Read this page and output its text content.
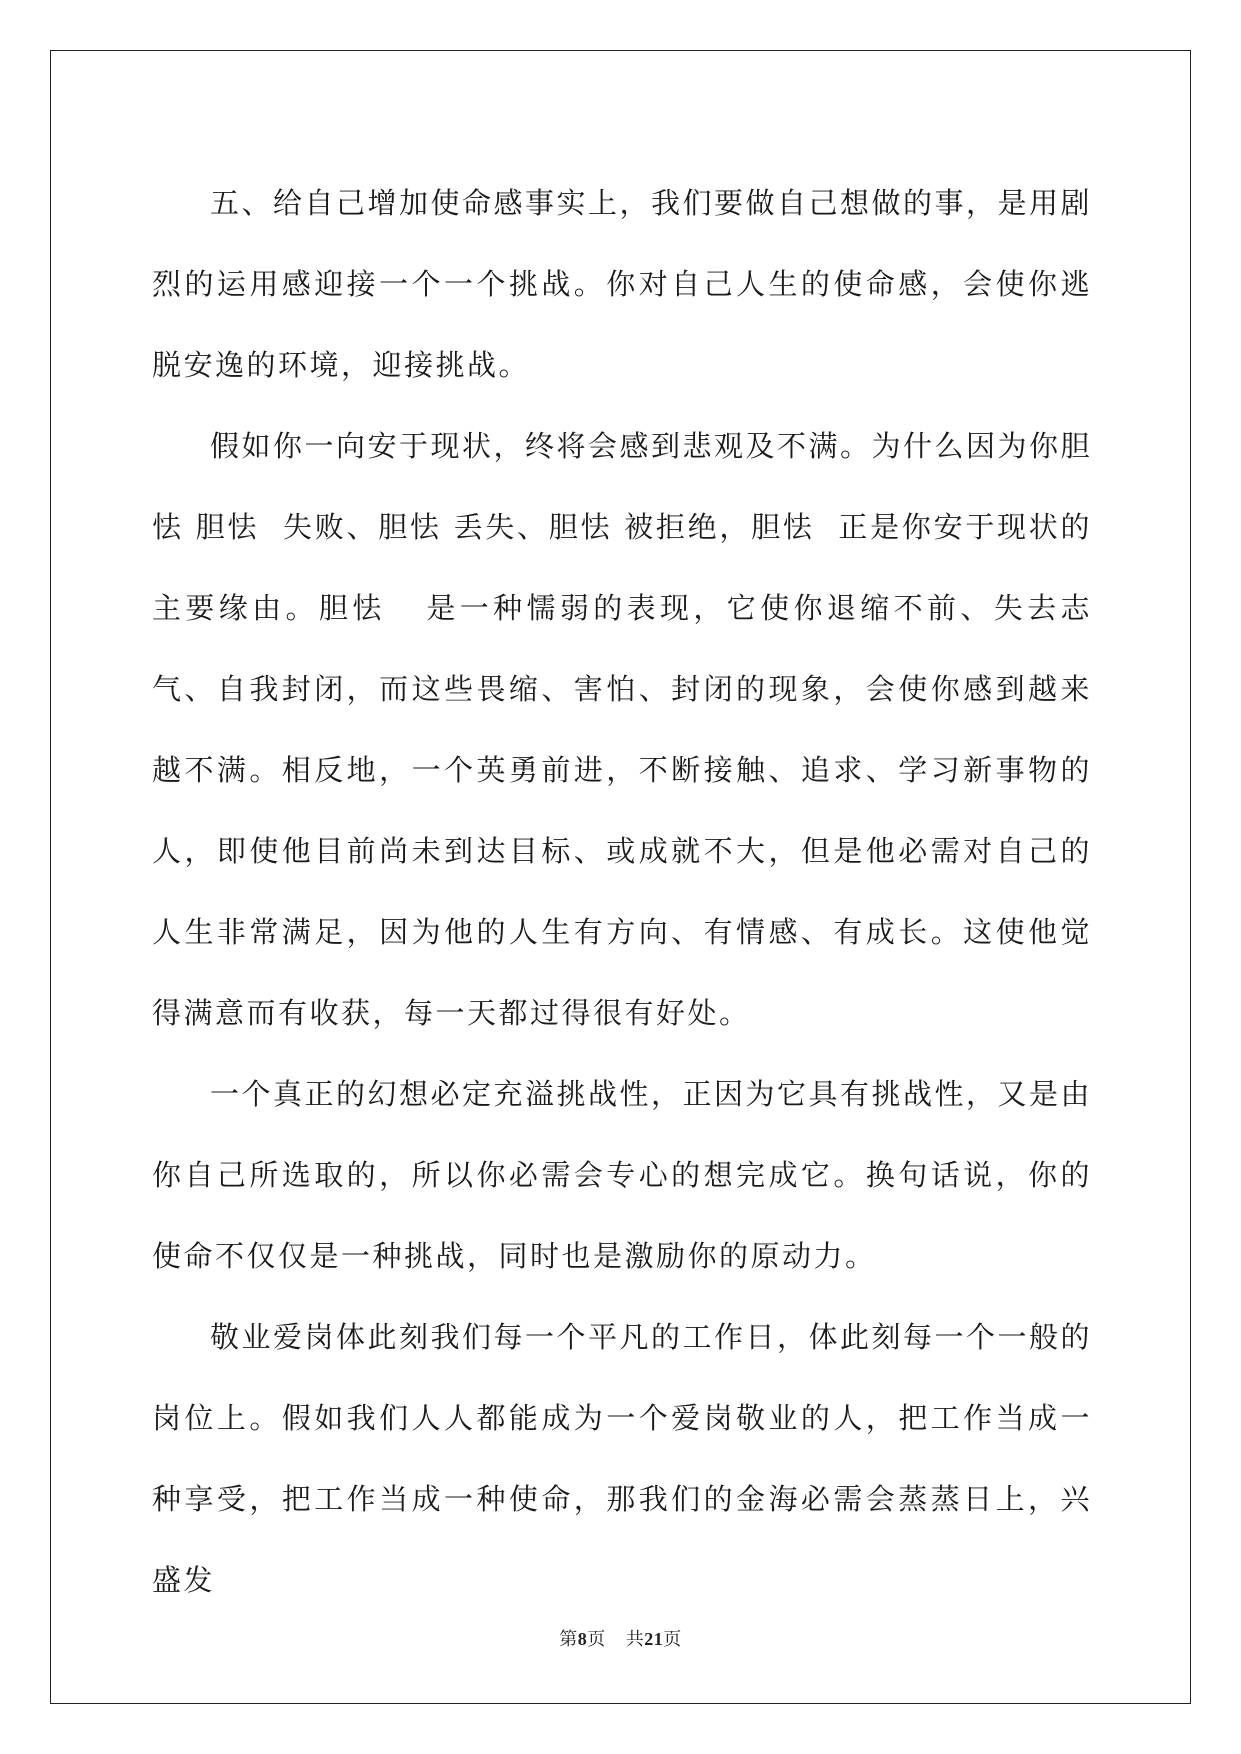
五、给自己增加使命感事实上，我们要做自己想做的事，是用剧烈的运用感迎接一个一个挑战。你对自己人生的使命感，会使你逃脱安逸的环境，迎接挑战。

假如你一向安于现状，终将会感到悲观及不满。为什么因为你胆怯 胆怯  失败、胆怯 丢失、胆怯 被拒绝，胆怯  正是你安于现状的主要缘由。胆怯   是一种懦弱的表现，它使你退缩不前、失去志气、自我封闭，而这些畏缩、害怕、封闭的现象，会使你感到越来越不满。相反地，一个英勇前进，不断接触、追求、学习新事物的人，即使他目前尚未到达目标、或成就不大，但是他必需对自己的人生非常满足，因为他的人生有方向、有情感、有成长。这使他觉得满意而有收获，每一天都过得很有好处。

一个真正的幻想必定充溢挑战性，正因为它具有挑战性，又是由你自己所选取的，所以你必需会专心的想完成它。换句话说，你的使命不仅仅是一种挑战，同时也是激励你的原动力。

敬业爱岗体此刻我们每一个平凡的工作日，体此刻每一个一般的岗位上。假如我们人人都能成为一个爱岗敬业的人，把工作当成一种享受，把工作当成一种使命，那我们的金海必需会蒸蒸日上，兴盛发

第8页 共21页
